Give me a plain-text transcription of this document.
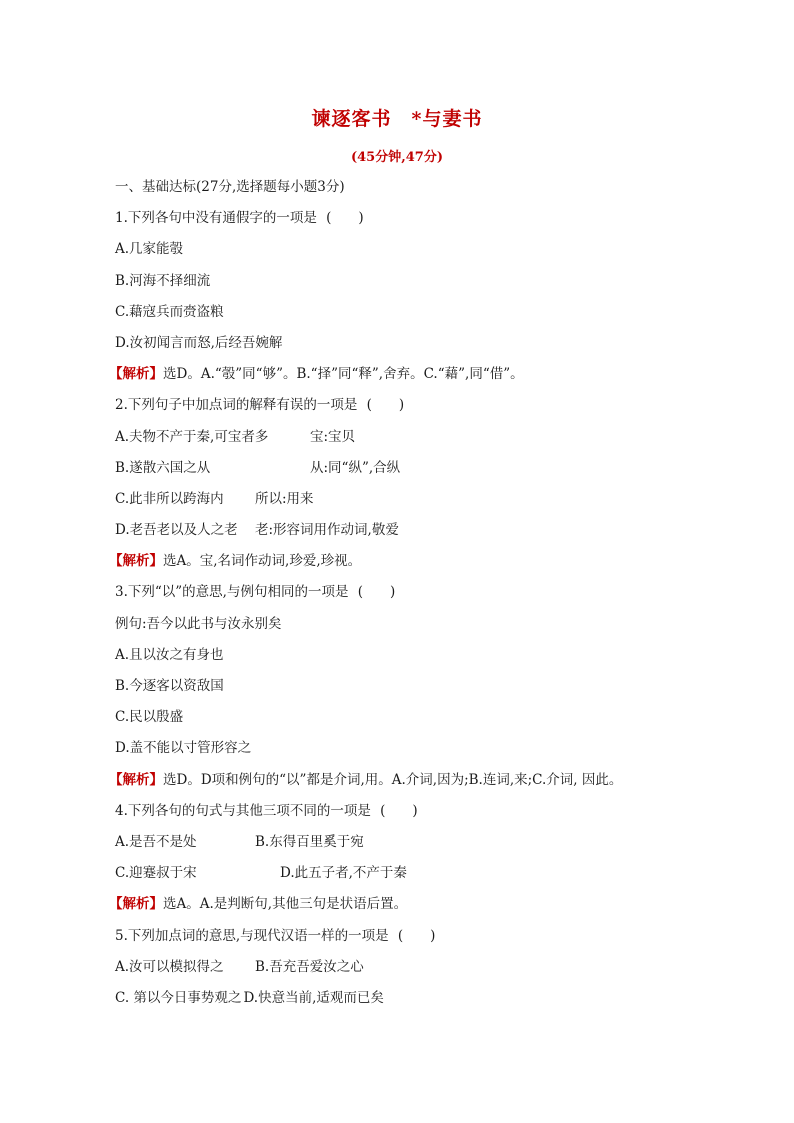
谏逐客书　*与妻书
(45分钟,47分)
一、基础达标(27分,选择题每小题3分)
1.下列各句中没有通假字的一项是 (　　)
A.几家能彀
B.河海不择细流
C.藉寇兵而赍盗粮
D.汝初闻言而怒,后经吾婉解
【解析】选D。A.“彀”同“够”。B.“择”同“释”,舍弃。C.“藉”,同“借”。
2.下列句子中加点词的解释有误的一项是 (　　)
A.夫物不产于秦,可宝者多	宝:宝贝
B.遂散六国之从	从:同“纵”,合纵
C.此非所以跨海内 所以:用来
D.老吾老以及人之老 老:形容词用作动词,敬爱
【解析】选A。宝,名词作动词,珍爱,珍视。
3.下列“以”的意思,与例句相同的一项是 (　　)
例句:吾今以此书与汝永别矣
A.且以汝之有身也
B.今逐客以资敌国
C.民以殷盛
D.盖不能以寸管形容之
【解析】选D。D项和例句的“以”都是介词,用。A.介词,因为;B.连词,来;C.介词, 因此。
4.下列各句的句式与其他三项不同的一项是 (　　)
A.是吾不是处	B.东得百里奚于宛
C.迎蹇叔于宋	D.此五子者,不产于秦
【解析】选A。A.是判断句,其他三句是状语后置。
5.下列加点词的意思,与现代汉语一样的一项是 (　　)
A.汝可以模拟得之 B.吾充吾爱汝之心
C. 第以今日事势观之 D.快意当前,适观而已矣
